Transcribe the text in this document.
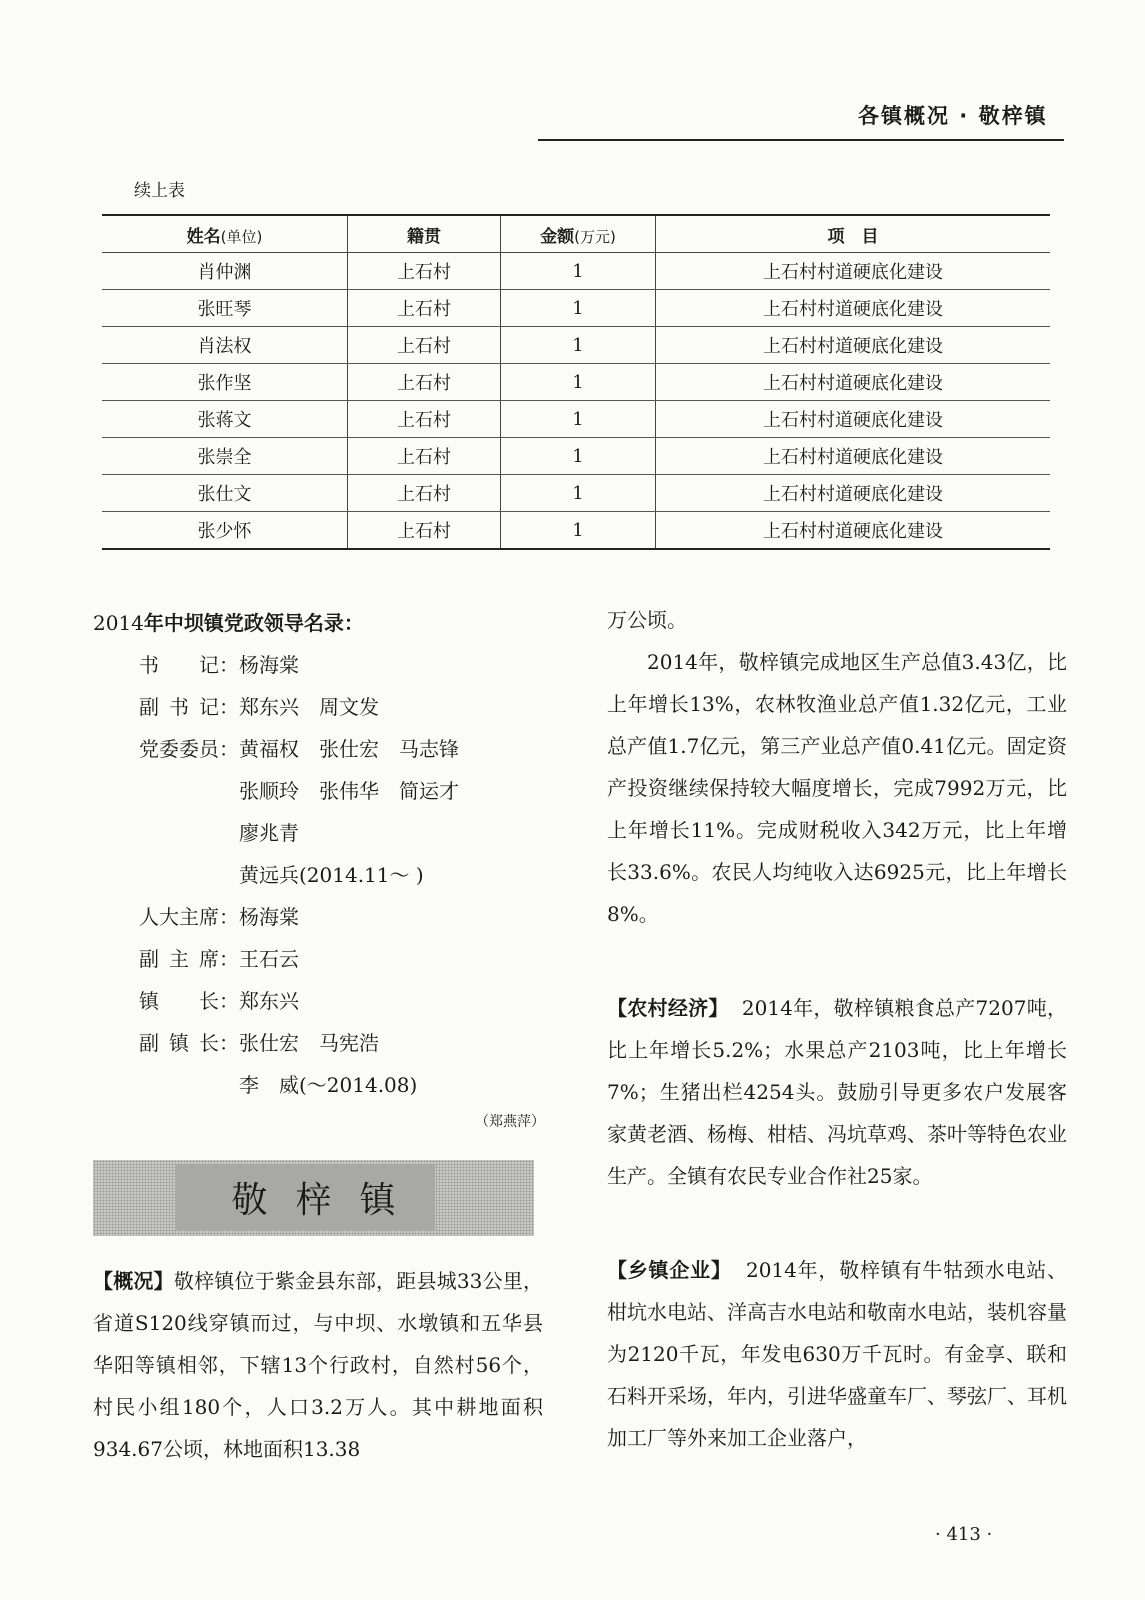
各镇概况 · 敬梓镇
续上表
姓名(单位)	籍贯	金额(万元)	项　目
肖仲渊	上石村	1	上石村村道硬底化建设
张旺琴	上石村	1	上石村村道硬底化建设
肖法权	上石村	1	上石村村道硬底化建设
张作坚	上石村	1	上石村村道硬底化建设
张蒋文	上石村	1	上石村村道硬底化建设
张崇全	上石村	1	上石村村道硬底化建设
张仕文	上石村	1	上石村村道硬底化建设
张少怀	上石村	1	上石村村道硬底化建设
2014年中坝镇党政领导名录：
书 记： 杨海棠
副 书 记： 郑东兴　周文发
党委委员： 黄福权　张仕宏　马志锋
张顺玲　张伟华　简运才
廖兆青
黄远兵(2014.11～ )
人大主席： 杨海棠
副 主 席： 王石云
镇 长： 郑东兴
副 镇 长： 张仕宏　马宪浩
李　威(～2014.08)
（郑燕萍）
敬梓镇
【概况】敬梓镇位于紫金县东部，距县城33公里，省道S120线穿镇而过，与中坝、水墩镇和五华县华阳等镇相邻，下辖13个行政村，自然村56个，村民小组180个，人口3.2万人。其中耕地面积934.67公顷，林地面积13.38

万公顷。

2014年，敬梓镇完成地区生产总值3.43亿，比上年增长13%，农林牧渔业总产值1.32亿元，工业总产值1.7亿元，第三产业总产值0.41亿元。固定资产投资继续保持较大幅度增长，完成7992万元，比上年增长11%。完成财税收入342万元，比上年增长33.6%。农民人均纯收入达6925元，比上年增长8%。

【农村经济】 2014年，敬梓镇粮食总产7207吨，比上年增长5.2%；水果总产2103吨，比上年增长7%；生猪出栏4254头。鼓励引导更多农户发展客家黄老酒、杨梅、柑桔、冯坑草鸡、茶叶等特色农业生产。全镇有农民专业合作社25家。

【乡镇企业】 2014年，敬梓镇有牛牯颈水电站、柑坑水电站、洋高吉水电站和敬南水电站，装机容量为2120千瓦，年发电630万千瓦时。有金享、联和石料开采场，年内，引进华盛童车厂、琴弦厂、耳机加工厂等外来加工企业落户，

· 413 ·
